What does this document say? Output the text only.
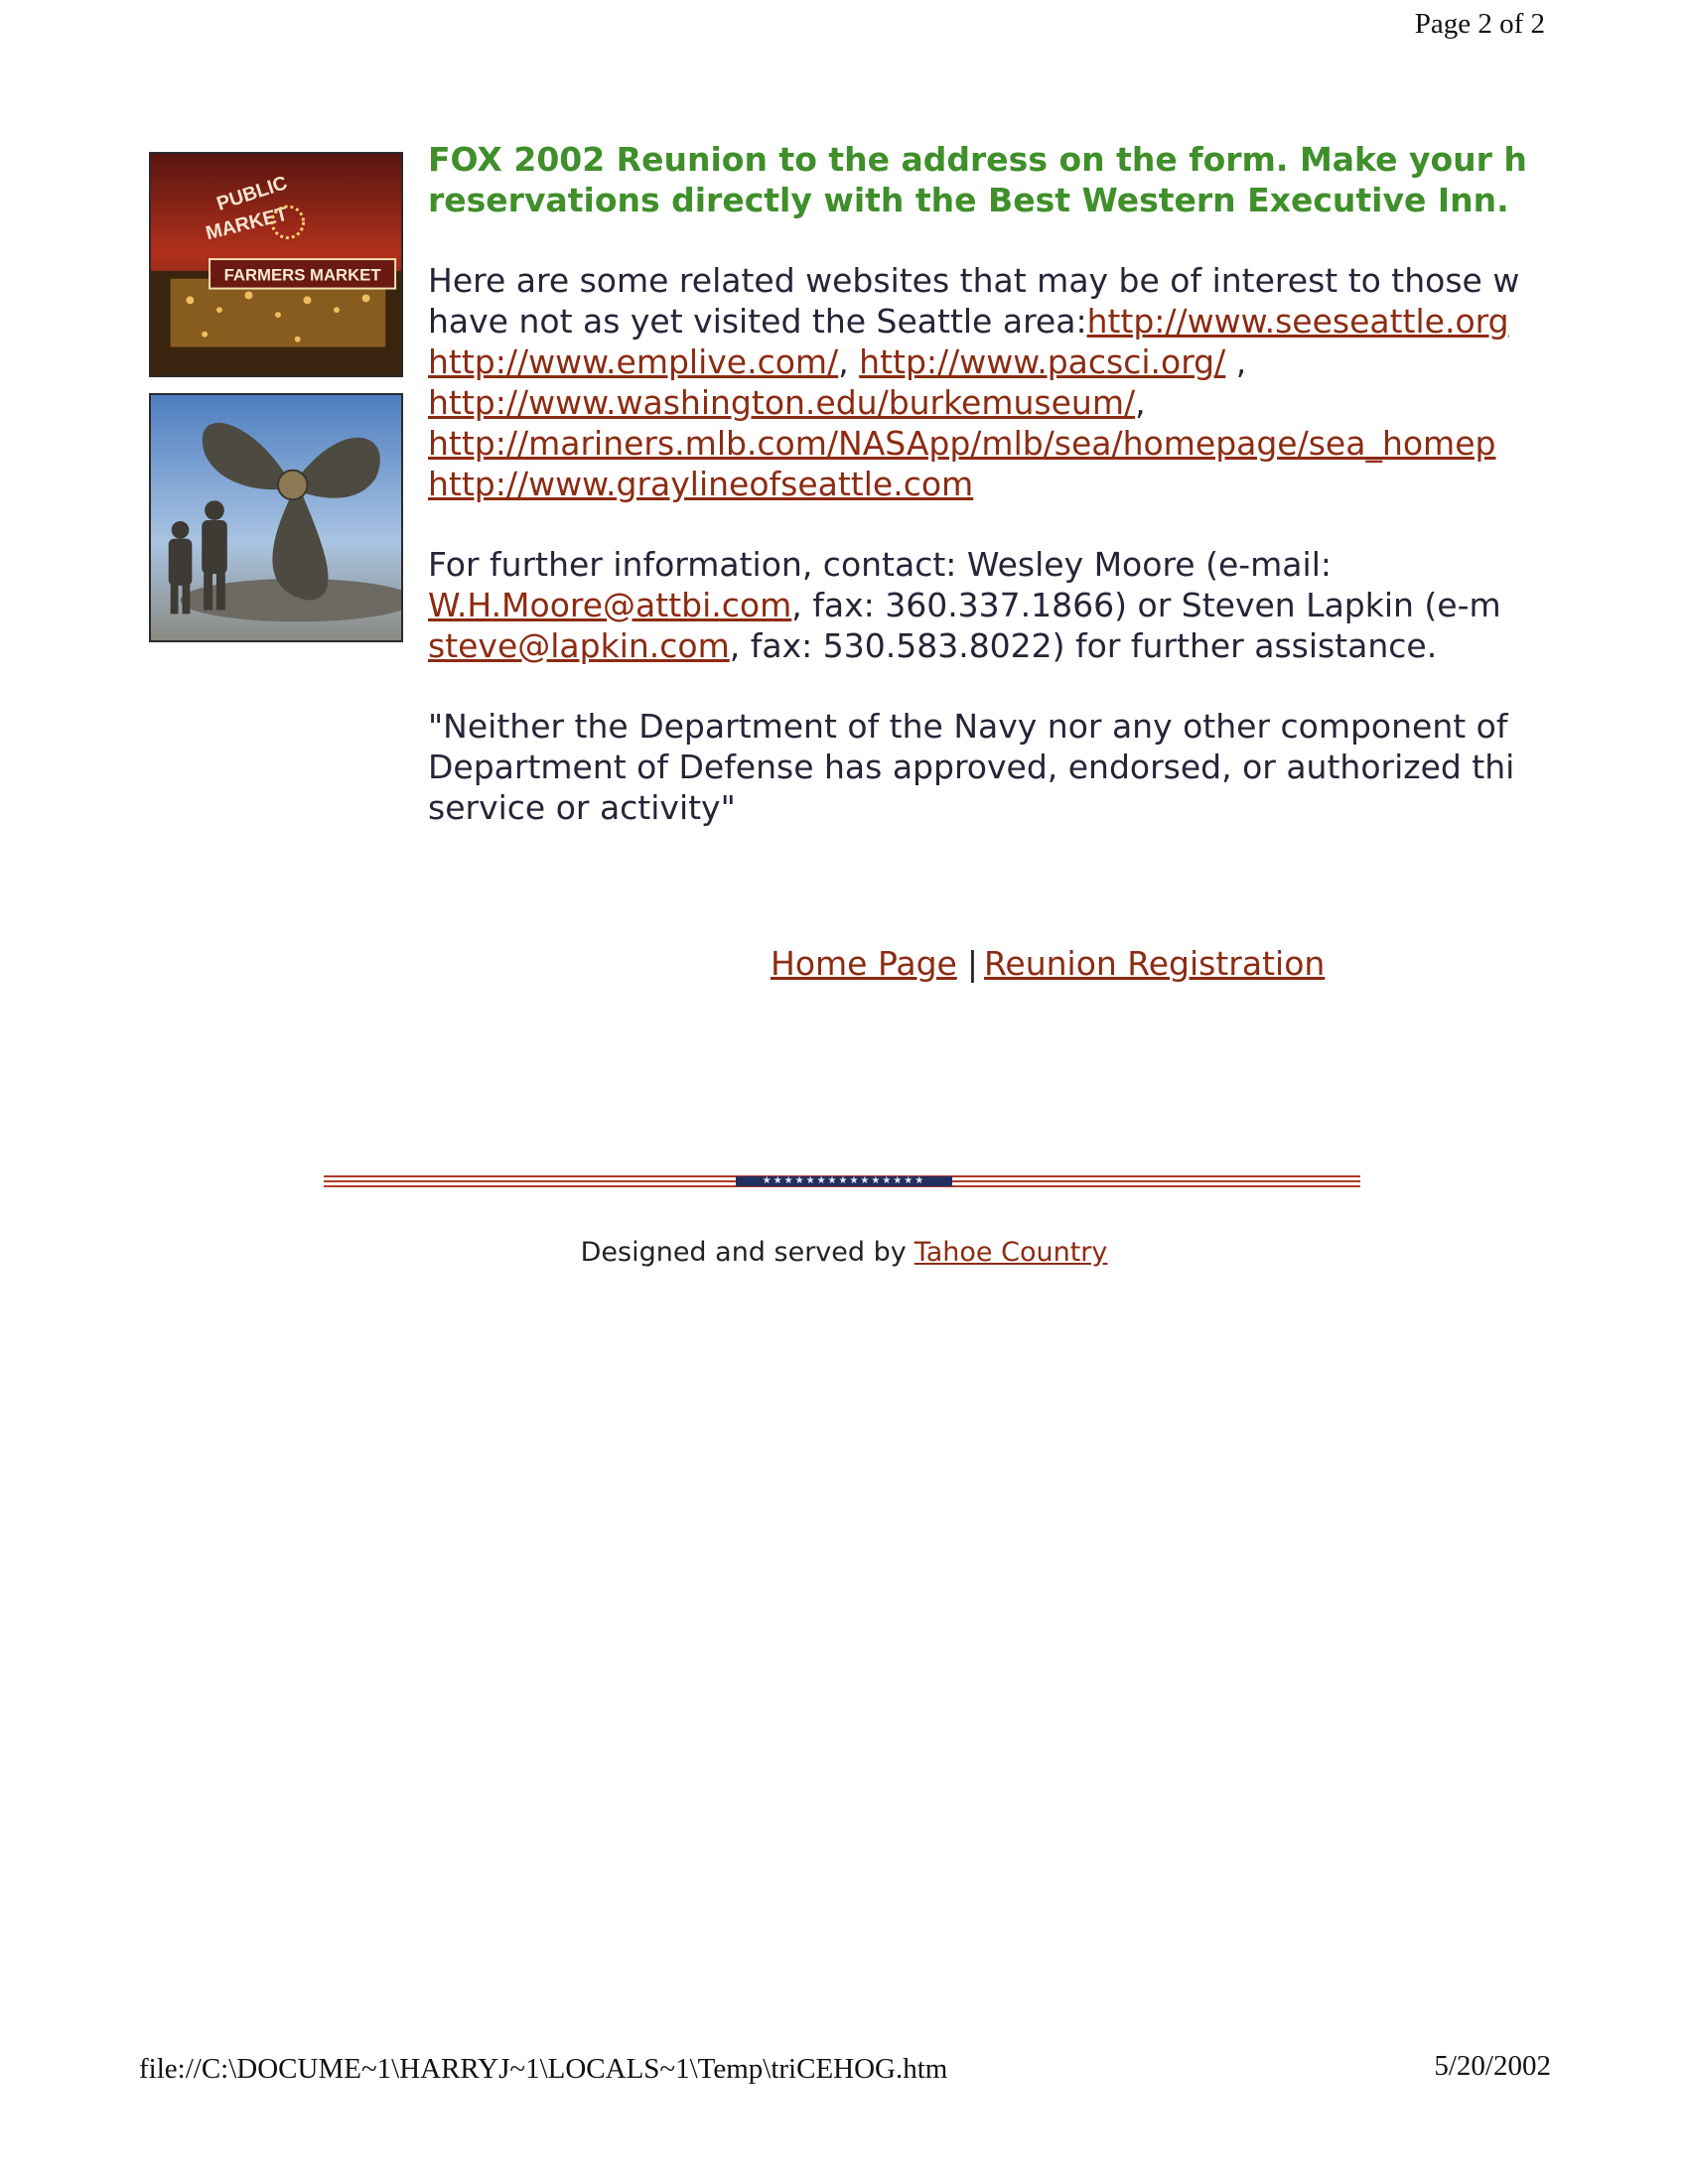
Page 2 of 2
FARMERS MARKET
PUBLIC
MARKET
FOX 2002 Reunion to the address on the form. Make your h
reservations directly with the Best Western Executive Inn.
Here are some related websites that may be of interest to those w
have not as yet visited the Seattle area:http://www.seeseattle.org
http://www.emplive.com/, http://www.pacsci.org/ ,
http://www.washington.edu/burkemuseum/,
http://mariners.mlb.com/NASApp/mlb/sea/homepage/sea_homep
http://www.graylineofseattle.com
For further information, contact: Wesley Moore (e-mail:
W.H.Moore@attbi.com, fax: 360.337.1866) or Steven Lapkin (e-m
steve@lapkin.com, fax: 530.583.8022) for further assistance.
"Neither the Department of the Navy nor any other component of
Department of Defense has approved, endorsed, or authorized thi
service or activity"
Home Page | Reunion Registration
★★★★★★★★★★★★★★★
Designed and served by Tahoe Country
file://C:\DOCUME~1\HARRYJ~1\LOCALS~1\Temp\triCEHOG.htm	5/20/2002
